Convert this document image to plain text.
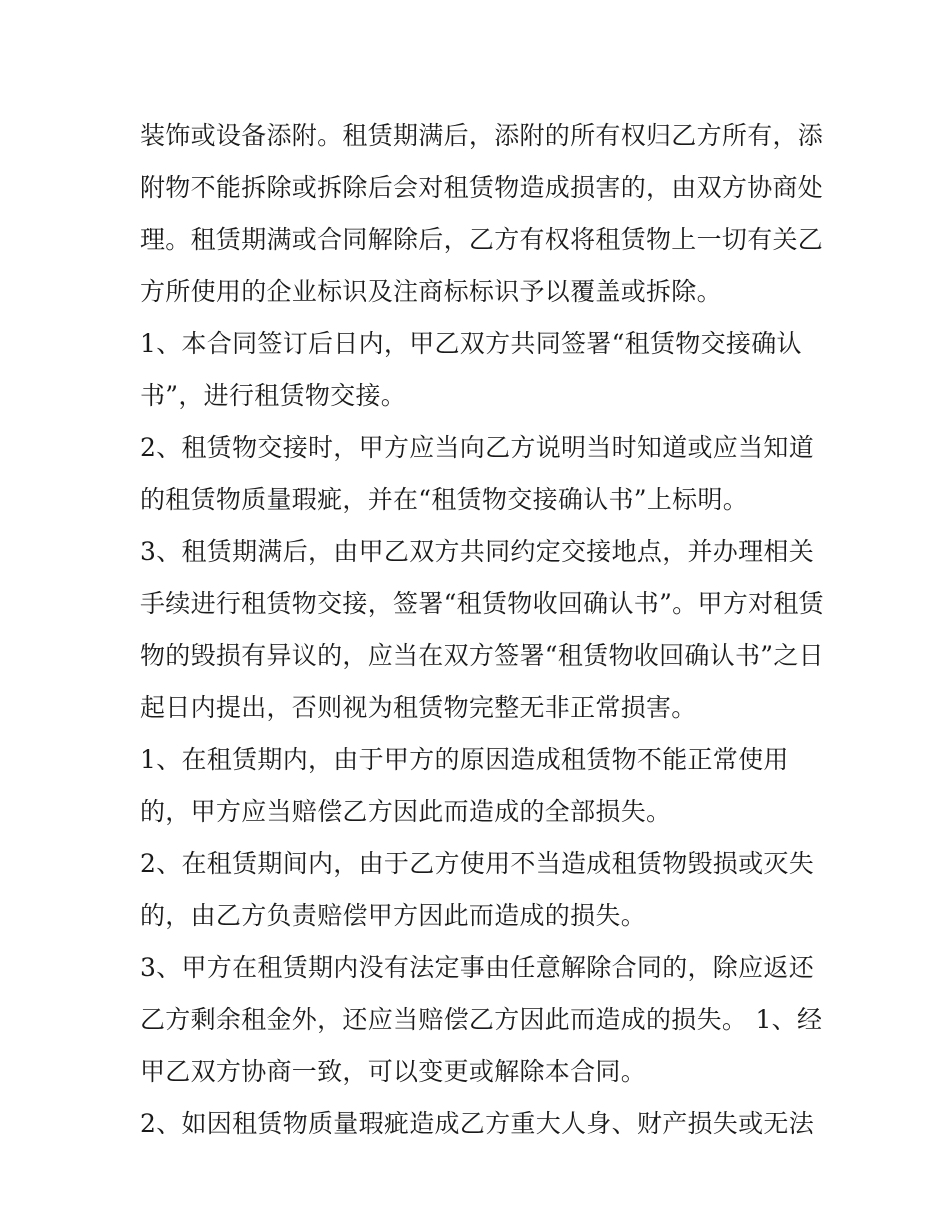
装饰或设备添附。租赁期满后，添附的所有权归乙方所有，添
附物不能拆除或拆除后会对租赁物造成损害的，由双方协商处
理。租赁期满或合同解除后，乙方有权将租赁物上一切有关乙
方所使用的企业标识及注商标标识予以覆盖或拆除。
1、本合同签订后日内，甲乙双方共同签署“租赁物交接确认
书”，进行租赁物交接。
2、租赁物交接时，甲方应当向乙方说明当时知道或应当知道
的租赁物质量瑕疵，并在“租赁物交接确认书”上标明。
3、租赁期满后，由甲乙双方共同约定交接地点，并办理相关
手续进行租赁物交接，签署“租赁物收回确认书”。甲方对租赁
物的毁损有异议的，应当在双方签署“租赁物收回确认书”之日
起日内提出，否则视为租赁物完整无非正常损害。
1、在租赁期内，由于甲方的原因造成租赁物不能正常使用
的，甲方应当赔偿乙方因此而造成的全部损失。
2、在租赁期间内，由于乙方使用不当造成租赁物毁损或灭失
的，由乙方负责赔偿甲方因此而造成的损失。
3、甲方在租赁期内没有法定事由任意解除合同的，除应返还
乙方剩余租金外，还应当赔偿乙方因此而造成的损失。 1、经
甲乙双方协商一致，可以变更或解除本合同。
2、如因租赁物质量瑕疵造成乙方重大人身、财产损失或无法
